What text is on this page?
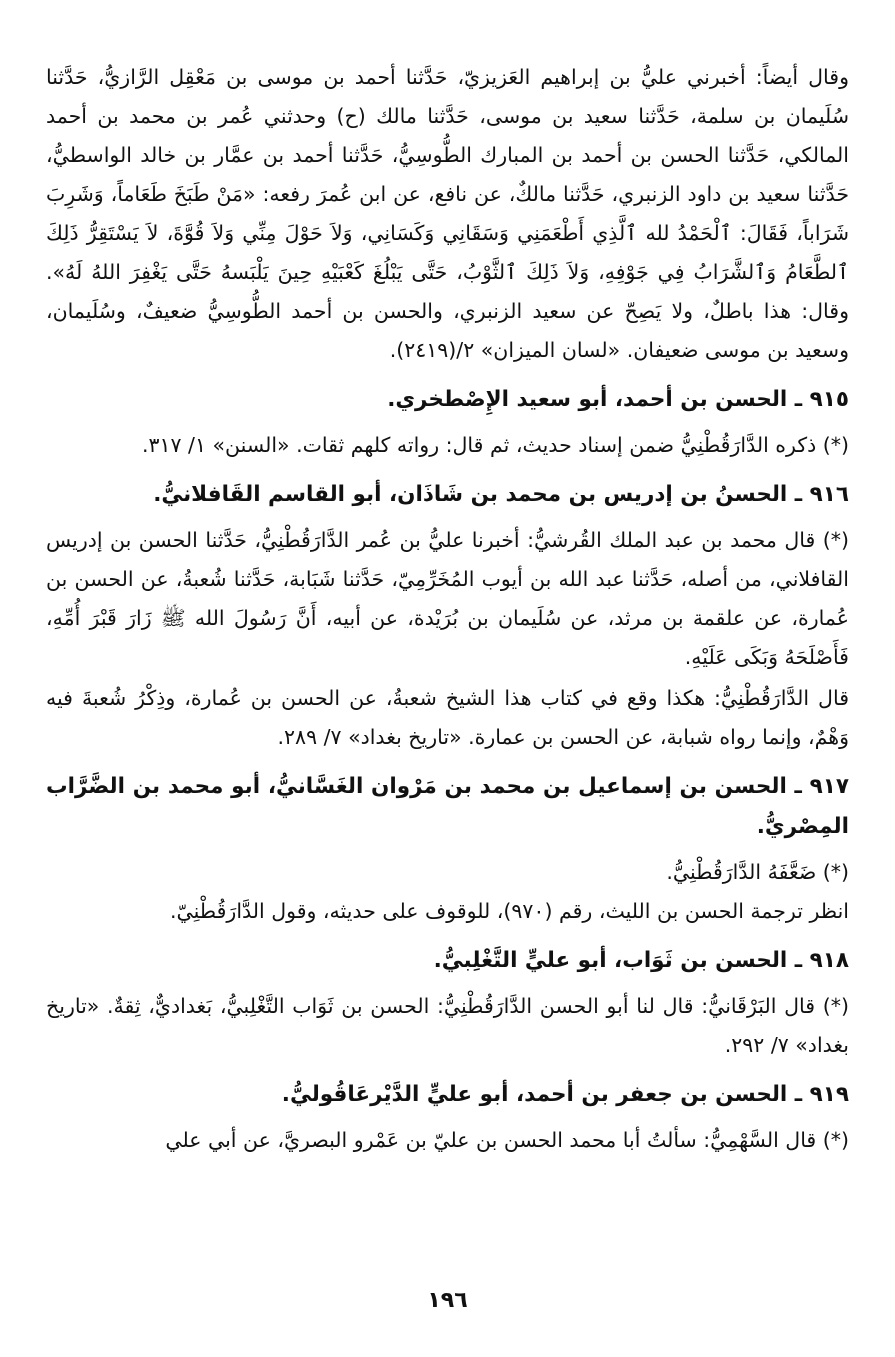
وقال أيضاً: أخبرني عليُّ بن إبراهيم العَزيزيّ، حَدَّثنا أحمد بن موسى بن مَعْقِل الرَّازيُّ، حَدَّثنا سُلَيمان بن سلمة، حَدَّثنا سعيد بن موسى، حَدَّثنا مالك (ح) وحدثني عُمر بن محمد بن أحمد المالكي، حَدَّثنا الحسن بن أحمد بن المبارك الطُّوسِيُّ، حَدَّثنا أحمد بن عمَّار بن خالد الواسطيُّ، حَدَّثنا سعيد بن داود الزنبري، حَدَّثنا مالكٌ، عن نافع، عن ابن عُمرَ رفعه: «مَنْ طَبَخَ طَعَاماً، وَشَرِبَ شَرَاباً، فَقَالَ: ٱلْحَمْدُ لله ٱلَّذِي أَطْعَمَنِي وَسَقَانِي وَكَسَانِي، وَلاَ حَوْلَ مِنِّي وَلاَ قُوَّةَ، لاَ يَسْتَقِرُّ ذَلِكَ ٱلطَّعَامُ وَٱلشَّرَابُ فِي جَوْفِهِ، وَلاَ ذَلِكَ ٱلثَّوْبُ، حَتَّى يَبْلُغَ كَعْبَيْهِ حِينَ يَلْبَسهُ حَتَّى يَغْفِرَ اللهُ لَهُ». وقال: هذا باطلٌ، ولا يَصِحّ عن سعيد الزنبري، والحسن بن أحمد الطُّوسِيُّ ضعيفٌ، وسُلَيمان، وسعيد بن موسى ضعيفان. «لسان الميزان» ٢/(٢٤١٩).

٩١٥ ـ الحسن بن أحمد، أبو سعيد الإِصْطخري.

(*) ذكره الدَّارَقُطْنِيُّ ضمن إسناد حديث، ثم قال: رواته كلهم ثقات. «السنن» ١/ ٣١٧.

٩١٦ ـ الحسنُ بن إدريس بن محمد بن شَاذَان، أبو القاسم القَافلانيُّ.

(*) قال محمد بن عبد الملك القُرشيُّ: أخبرنا عليُّ بن عُمر الدَّارَقُطْنِيُّ، حَدَّثنا الحسن بن إدريس القافلاني، من أصله، حَدَّثنا عبد الله بن أيوب المُخَرِّمِيّ، حَدَّثنا شَبَابة، حَدَّثنا شُعبةُ، عن الحسن بن عُمارة، عن علقمة بن مرثد، عن سُلَيمان بن بُرَيْدة، عن أبيه، أَنَّ رَسُولَ الله ﷺ زَارَ قَبْرَ أُمِّهِ، فَأَصْلَحَهُ وَبَكَى عَلَيْهِ.

قال الدَّارَقُطْنِيُّ: هكذا وقع في كتاب هذا الشيخ شعبةُ، عن الحسن بن عُمارة، وذِكْرُ شُعبةَ فيه وَهْمٌ، وإنما رواه شبابة، عن الحسن بن عمارة. «تاريخ بغداد» ٧/ ٢٨٩.

٩١٧ ـ الحسن بن إسماعيل بن محمد بن مَرْوان الغَسَّانيُّ، أبو محمد بن الضَّرَّاب المِصْريُّ.

(*) ضَعَّفَهُ الدَّارَقُطْنِيُّ.

انظر ترجمة الحسن بن الليث، رقم (٩٧٠)، للوقوف على حديثه، وقول الدَّارَقُطْنِيّ.

٩١٨ ـ الحسن بن ثَوَاب، أبو عليٍّ التَّغْلِبيُّ.

(*) قال البَرْقَانيُّ: قال لنا أبو الحسن الدَّارَقُطْنِيُّ: الحسن بن ثَوَاب التَّغْلِبيُّ، بَغداديٌّ، ثِقةٌ. «تاريخ بغداد» ٧/ ٢٩٢.

٩١٩ ـ الحسن بن جعفر بن أحمد، أبو عليٍّ الدَّيْرعَاقُوليُّ.

(*) قال السَّهْمِيُّ: سألتُ أبا محمد الحسن بن عليّ بن عَمْرو البصريَّ، عن أبي علي

١٩٦
